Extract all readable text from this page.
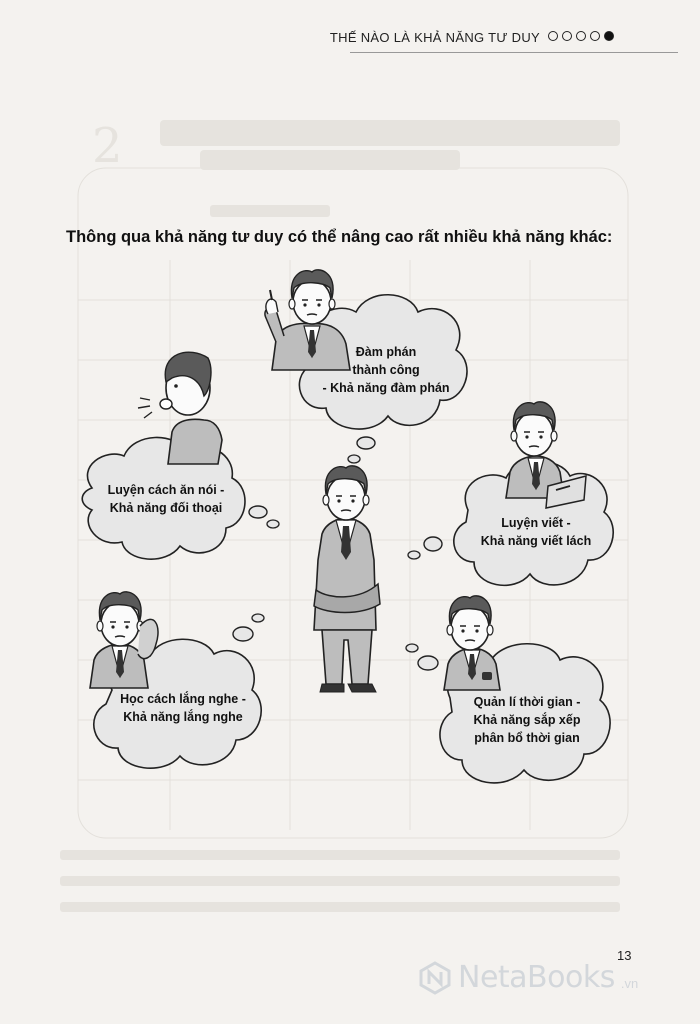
2
THẾ NÀO LÀ KHẢ NĂNG TƯ DUY
Thông qua khả năng tư duy có thể nâng cao rất nhiều khả năng khác:
Đàm phán
thành công
- Khả năng đàm phán
Luyện cách ăn nói -
Khả năng đối thoại
Luyện viết -
Khả năng viết lách
Học cách lắng nghe -
Khả năng lắng nghe
Quản lí thời gian -
Khả năng sắp xếp
phân bổ thời gian
13
NetaBooks .vn
